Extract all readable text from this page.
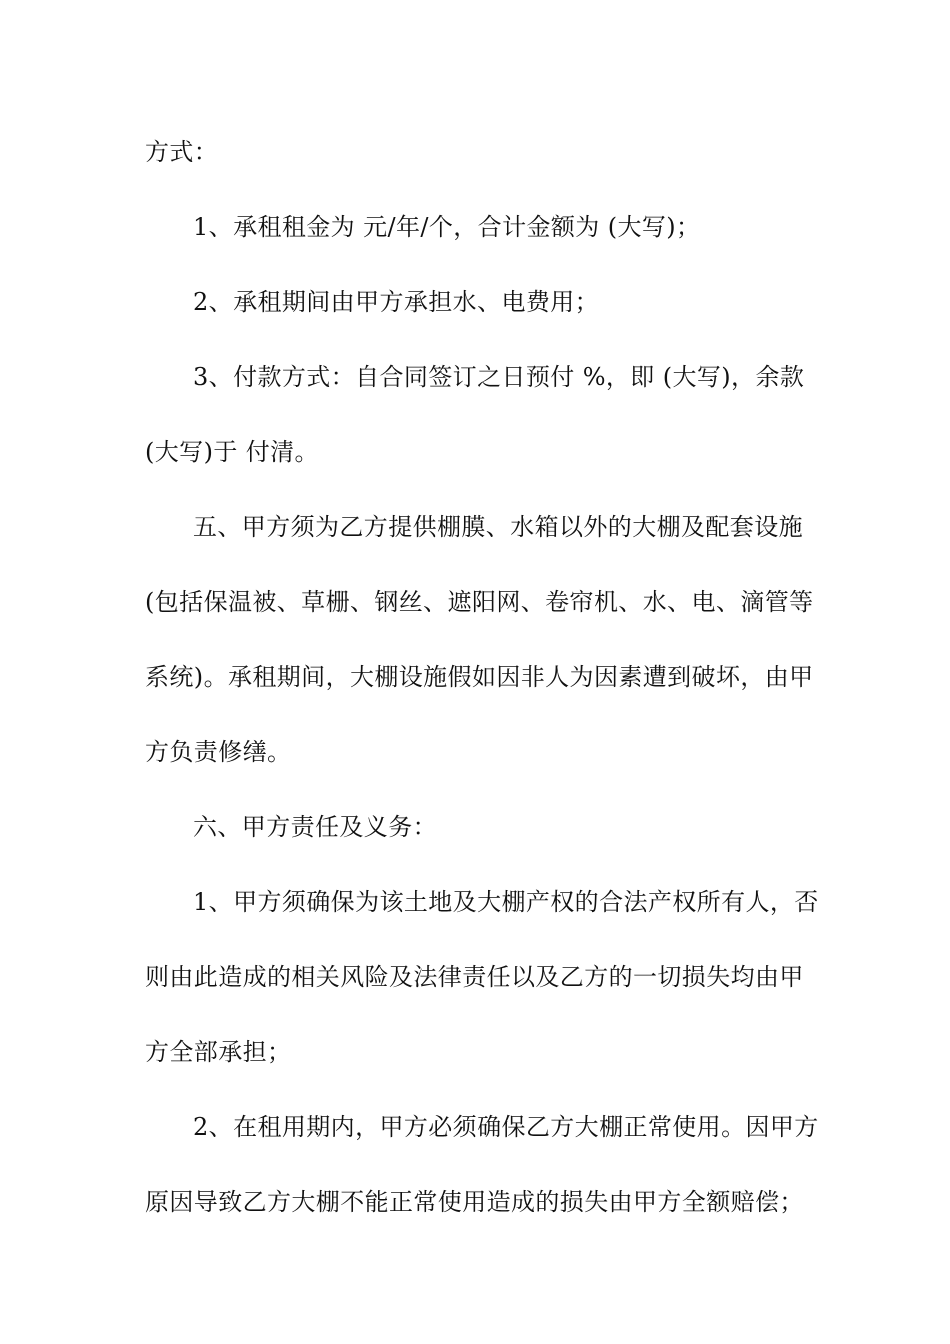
方式：
1、承租租金为 元/年/个，合计金额为 (大写)；
2、承租期间由甲方承担水、电费用；
3、付款方式：自合同签订之日预付 %，即 (大写)，余款
(大写)于 付清。
五、甲方须为乙方提供棚膜、水箱以外的大棚及配套设施
(包括保温被、草栅、钢丝、遮阳网、卷帘机、水、电、滴管等
系统)。承租期间，大棚设施假如因非人为因素遭到破坏，由甲
方负责修缮。
六、甲方责任及义务：
1、甲方须确保为该土地及大棚产权的合法产权所有人，否
则由此造成的相关风险及法律责任以及乙方的一切损失均由甲
方全部承担；
2、在租用期内，甲方必须确保乙方大棚正常使用。因甲方
原因导致乙方大棚不能正常使用造成的损失由甲方全额赔偿；
